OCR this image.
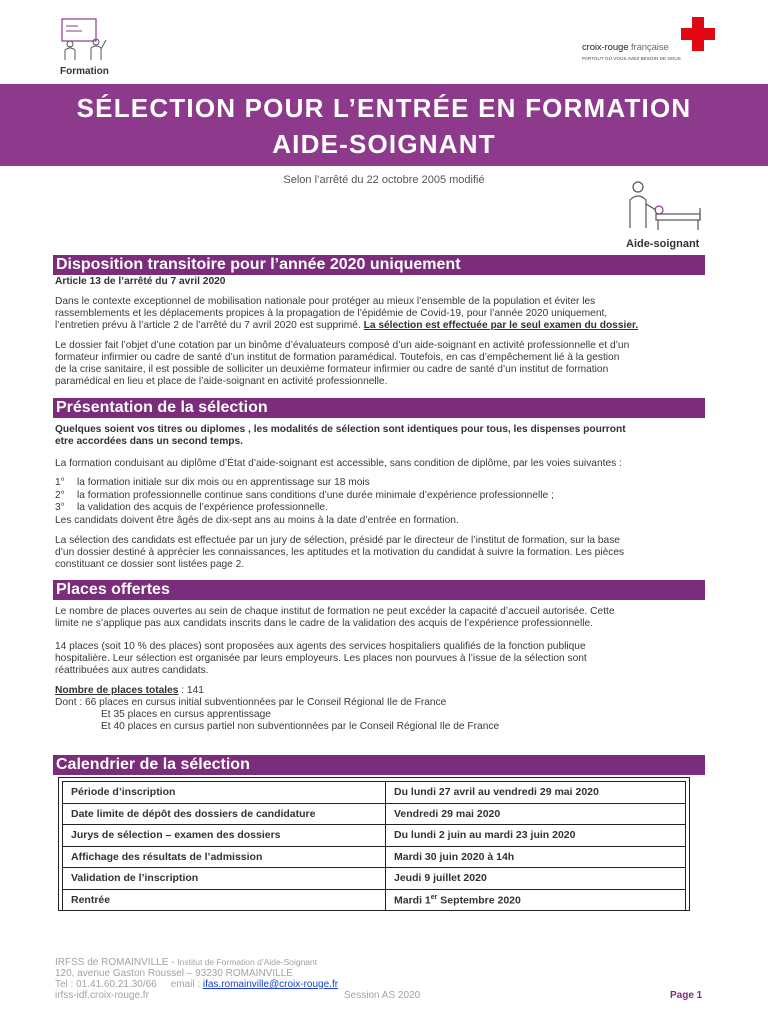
Formation
croix-rouge française
PARTOUT OÙ VOUS AVEZ BESOIN DE NOUS
SÉLECTION POUR L’ENTRÉE EN FORMATION
AIDE-SOIGNANT
Selon l’arrêté du 22 octobre 2005 modifié
Aide-soignant
Disposition transitoire pour l’année 2020 uniquement
Article 13 de l’arrêté du 7 avril 2020
Dans le contexte exceptionnel de mobilisation nationale pour protéger au mieux l’ensemble de la population et éviter les
rassemblements et les déplacements propices à la propagation de l’épidémie de Covid-19, pour l’année 2020 uniquement,
l’entretien prévu à l’article 2 de l’arrêté du 7 avril 2020 est supprimé. La sélection est effectuée par le seul examen du dossier.
Le dossier fait l’objet d’une cotation par un binôme d’évaluateurs composé d’un aide-soignant en activité professionnelle et d’un
formateur infirmier ou cadre de santé d’un institut de formation paramédical. Toutefois, en cas d’empêchement lié à la gestion
de la crise sanitaire, il est possible de solliciter un deuxième formateur infirmier ou cadre de santé d’un institut de formation
paramédical en lieu et place de l’aide-soignant en activité professionnelle.
Présentation de la sélection
Quelques soient vos titres ou diplomes , les modalités de sélection sont identiques pour tous, les dispenses pourront
etre accordées dans un second temps.
La formation conduisant au diplôme d’État d’aide-soignant est accessible, sans condition de diplôme, par les voies suivantes :
1° la formation initiale sur dix mois ou en apprentissage sur 18 mois
2° la formation professionnelle continue sans conditions d’une durée minimale d’expérience professionnelle ;
3° la validation des acquis de l’expérience professionnelle.
Les candidats doivent être âgés de dix-sept ans au moins à la date d’entrée en formation.
La sélection des candidats est effectuée par un jury de sélection, présidé par le directeur de l’institut de formation, sur la base
d’un dossier destiné à apprécier les connaissances, les aptitudes et la motivation du candidat à suivre la formation. Les pièces
constituant ce dossier sont listées page 2.
Places offertes
Le nombre de places ouvertes au sein de chaque institut de formation ne peut excéder la capacité d’accueil autorisée. Cette
limite ne s’applique pas aux candidats inscrits dans le cadre de la validation des acquis de l’expérience professionnelle.
14 places (soit 10 % des places) sont proposées aux agents des services hospitaliers qualifiés de la fonction publique
hospitalière. Leur sélection est organisée par leurs employeurs. Les places non pourvues à l’issue de la sélection sont
réattribuées aux autres candidats.
Nombre de places totales : 141
Dont : 66 places en cursus initial subventionnées par le Conseil Régional Ile de France
Et 35 places en cursus apprentissage
Et 40 places en cursus partiel non subventionnées par le Conseil Régional Ile de France
Calendrier de la sélection
Période d’inscription	Du lundi 27 avril au vendredi 29 mai 2020
Date limite de dépôt des dossiers de candidature	Vendredi 29 mai 2020
Jurys de sélection – examen des dossiers	Du lundi 2 juin au mardi 23 juin 2020
Affichage des résultats de l’admission	Mardi 30 juin 2020 à 14h
Validation de l’inscription	Jeudi 9 juillet 2020
Rentrée	Mardi 1er Septembre 2020
IRFSS de ROMAINVILLE - Institut de Formation d’Aide-Soignant
120, avenue Gaston Roussel – 93230 ROMAINVILLE
Tel : 01.41.60.21.30/66     email : ifas.romainville@croix-rouge.fr
irfss-idf.croix-rouge.fr	Session AS 2020	Page 1
